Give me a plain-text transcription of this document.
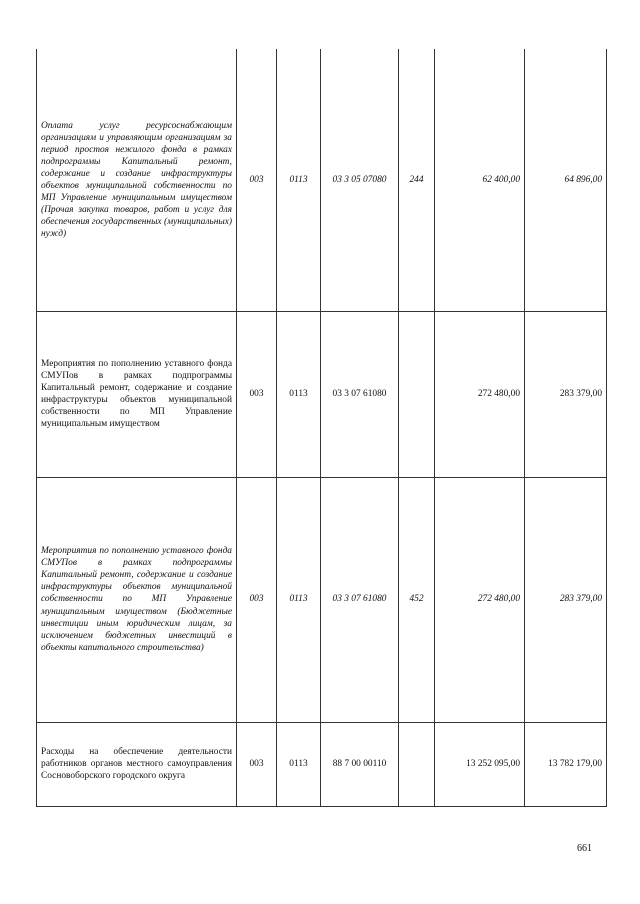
Оплата услуг ресурсоснабжающим организациям и управляющим организациям за период простоя нежилого фонда в рамках подпрограммы Капитальный ремонт, содержание и создание инфраструктуры объектов муниципальной собственности по МП Управление муниципальным имуществом (Прочая закупка товаров, работ и услуг для обеспечения государственных (муниципальных) нужд)	003	0113	03 3 05 07080	244	62 400,00	64 896,00
Мероприятия по пополнению уставного фонда СМУПов в рамках подпрограммы Капитальный ремонт, содержание и создание инфраструктуры объектов муниципальной собственности по МП Управление муниципальным имуществом	003	0113	03 3 07 61080		272 480,00	283 379,00
Мероприятия по пополнению уставного фонда СМУПов в рамках подпрограммы Капитальный ремонт, содержание и создание инфраструктуры объектов муниципальной собственности по МП Управление муниципальным имуществом (Бюджетные инвестиции иным юридическим лицам, за исключением бюджетных инвестиций в объекты капитального строительства)	003	0113	03 3 07 61080	452	272 480,00	283 379,00
Расходы на обеспечение деятельности работников органов местного самоуправления Сосновоборского городского округа	003	0113	88 7 00 00110		13 252 095,00	13 782 179,00
661
